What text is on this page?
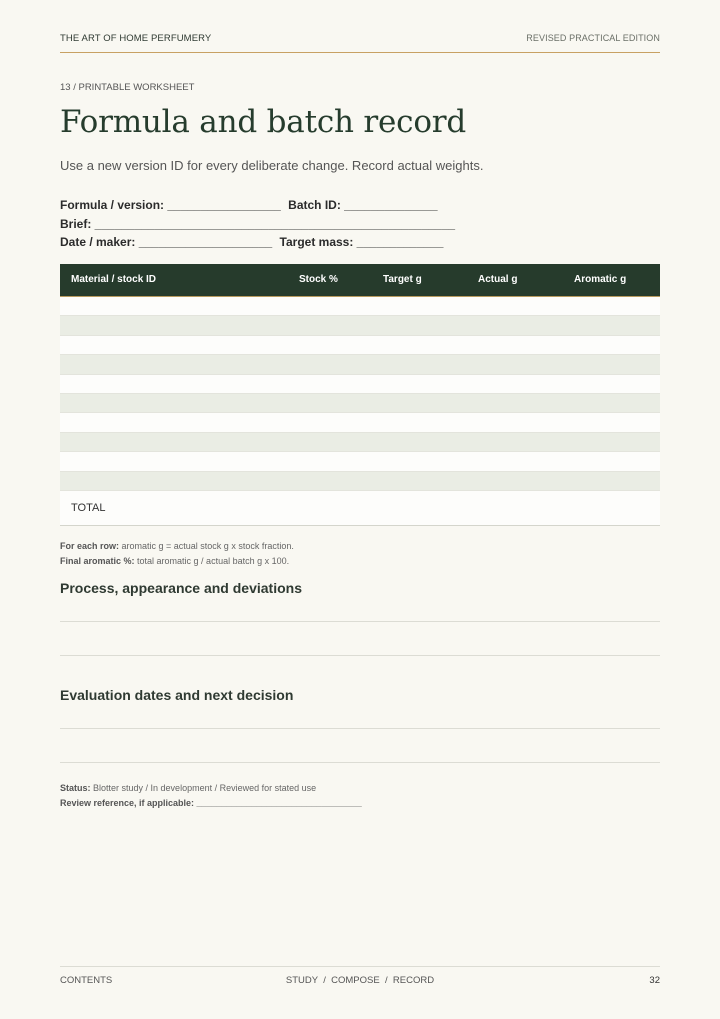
THE ART OF HOME PERFUMERY	REVISED PRACTICAL EDITION
13 / PRINTABLE WORKSHEET
Formula and batch record
Use a new version ID for every deliberate change. Record actual weights.
Formula / version: _________________ Batch ID: ______________
Brief: ______________________________________________________
Date / maker: ____________________ Target mass: _____________
Material / stock ID	Stock %	Target g	Actual g	Aromatic g
TOTAL
For each row: aromatic g = actual stock g x stock fraction.
Final aromatic %: total aromatic g / actual batch g x 100.
Process, appearance and deviations
Evaluation dates and next decision
Status: Blotter study / In development / Reviewed for stated use
Review reference, if applicable: _________________________________
CONTENTS	STUDY  /  COMPOSE  /  RECORD	32
